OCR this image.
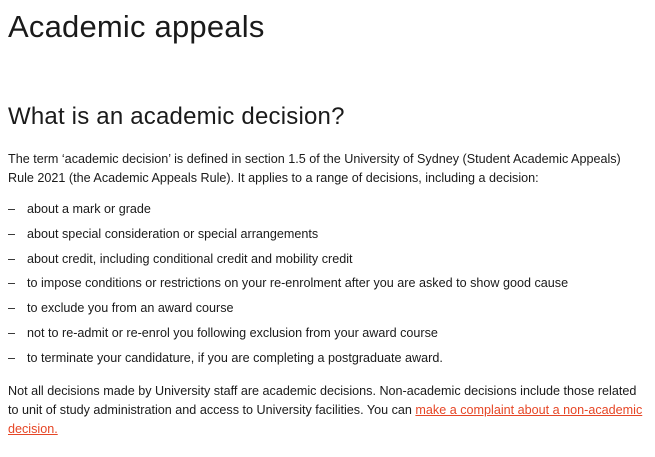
Academic appeals
What is an academic decision?

The term ‘academic decision’ is defined in section 1.5 of the University of Sydney (Student Academic Appeals) Rule 2021 (the Academic Appeals Rule). It applies to a range of decisions, including a decision:

– about a mark or grade
– about special consideration or special arrangements
– about credit, including conditional credit and mobility credit
– to impose conditions or restrictions on your re-enrolment after you are asked to show good cause
– to exclude you from an award course
– not to re-admit or re-enrol you following exclusion from your award course
– to terminate your candidature, if you are completing a postgraduate award.

Not all decisions made by University staff are academic decisions. Non-academic decisions include those related to unit of study administration and access to University facilities. You can make a complaint about a non-academic decision.
